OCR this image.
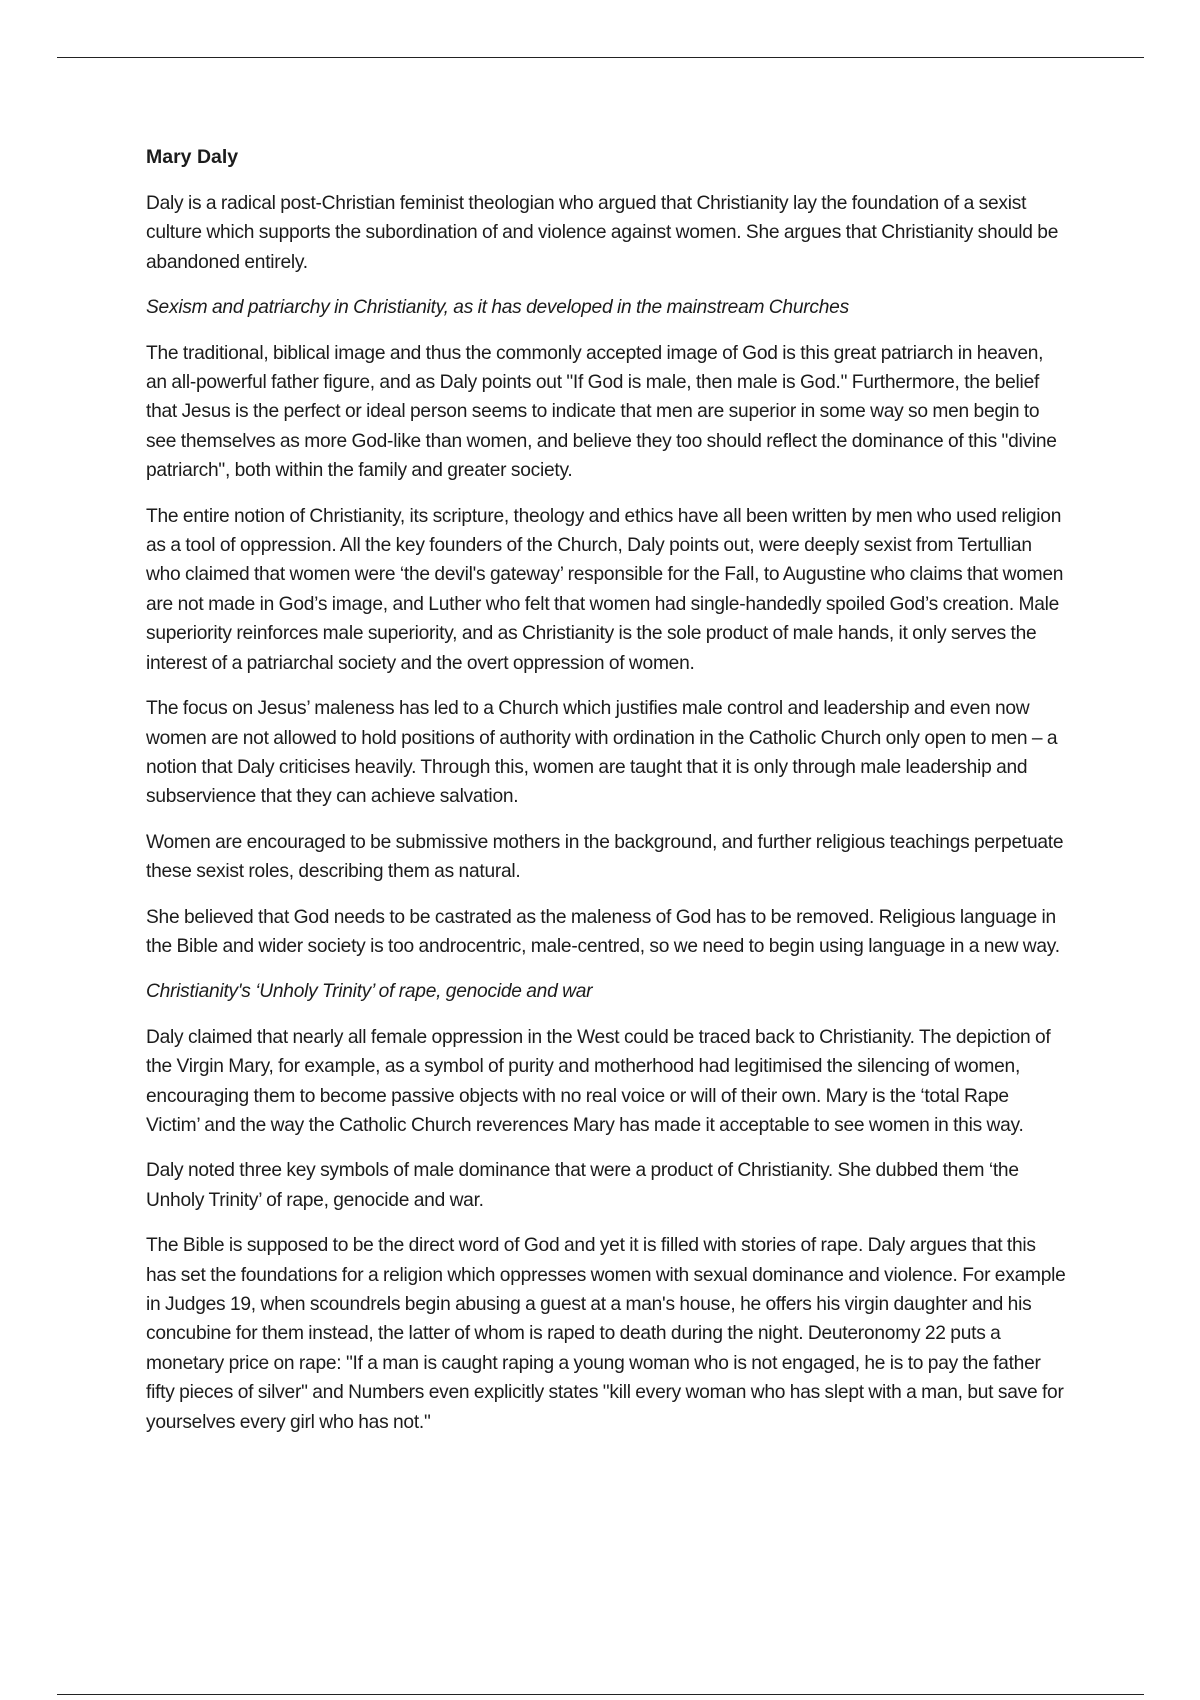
Mary Daly

Daly is a radical post-Christian feminist theologian who argued that Christianity lay the foundation of a sexist culture which supports the subordination of and violence against women. She argues that Christianity should be abandoned entirely.

Sexism and patriarchy in Christianity, as it has developed in the mainstream Churches

The traditional, biblical image and thus the commonly accepted image of God is this great patriarch in heaven, an all-powerful father figure, and as Daly points out "If God is male, then male is God." Furthermore, the belief that Jesus is the perfect or ideal person seems to indicate that men are superior in some way so men begin to see themselves as more God-like than women, and believe they too should reflect the dominance of this "divine patriarch", both within the family and greater society.

The entire notion of Christianity, its scripture, theology and ethics have all been written by men who used religion as a tool of oppression. All the key founders of the Church, Daly points out, were deeply sexist from Tertullian who claimed that women were ‘the devil's gateway’ responsible for the Fall, to Augustine who claims that women are not made in God’s image, and Luther who felt that women had single-handedly spoiled God’s creation. Male superiority reinforces male superiority, and as Christianity is the sole product of male hands, it only serves the interest of a patriarchal society and the overt oppression of women.

The focus on Jesus’ maleness has led to a Church which justifies male control and leadership and even now women are not allowed to hold positions of authority with ordination in the Catholic Church only open to men – a notion that Daly criticises heavily. Through this, women are taught that it is only through male leadership and subservience that they can achieve salvation.

Women are encouraged to be submissive mothers in the background, and further religious teachings perpetuate these sexist roles, describing them as natural.

She believed that God needs to be castrated as the maleness of God has to be removed. Religious language in the Bible and wider society is too androcentric, male-centred, so we need to begin using language in a new way.

Christianity's ‘Unholy Trinity’ of rape, genocide and war

Daly claimed that nearly all female oppression in the West could be traced back to Christianity. The depiction of the Virgin Mary, for example, as a symbol of purity and motherhood had legitimised the silencing of women, encouraging them to become passive objects with no real voice or will of their own. Mary is the ‘total Rape Victim’ and the way the Catholic Church reverences Mary has made it acceptable to see women in this way.

Daly noted three key symbols of male dominance that were a product of Christianity. She dubbed them ‘the Unholy Trinity’ of rape, genocide and war.

The Bible is supposed to be the direct word of God and yet it is filled with stories of rape. Daly argues that this has set the foundations for a religion which oppresses women with sexual dominance and violence. For example in Judges 19, when scoundrels begin abusing a guest at a man's house, he offers his virgin daughter and his concubine for them instead, the latter of whom is raped to death during the night. Deuteronomy 22 puts a monetary price on rape: "If a man is caught raping a young woman who is not engaged, he is to pay the father fifty pieces of silver" and Numbers even explicitly states "kill every woman who has slept with a man, but save for yourselves every girl who has not."
